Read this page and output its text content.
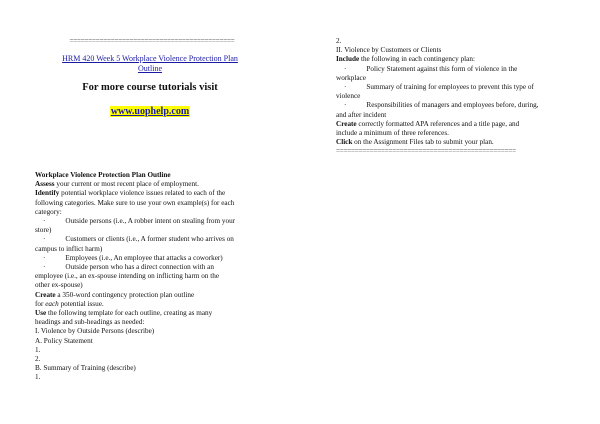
============================================
HRM 420 Week 5 Workplace Violence Protection Plan
Outline
For more course tutorials visit
www.uophelp.com
Workplace Violence Protection Plan Outline
Assess your current or most recent place of employment.
Identify potential workplace violence issues related to each of the
following categories. Make sure to use your own example(s) for each
category:
·	Outside persons (i.e., A robber intent on stealing from your
store)
·	Customers or clients (i.e., A former student who arrives on
campus to inflict harm)
·	Employees (i.e., An employee that attacks a coworker)
·	Outside person who has a direct connection with an
employee (i.e., an ex-spouse intending on inflicting harm on the
other ex-spouse)
Create a 350-word contingency protection plan outline
for each potential issue.
Use the following template for each outline, creating as many
headings and sub-headings as needed:
I. Violence by Outside Persons (describe)
A. Policy Statement
1.
2.
B. Summary of Training (describe)
1.
2.
II. Violence by Customers or Clients
Include the following in each contingency plan:
·	Policy Statement against this form of violence in the
workplace
·	Summary of training for employees to prevent this type of
violence
·	Responsibilities of managers and employees before, during,
and after incident
Create correctly formatted APA references and a title page, and
include a minimum of three references.
Click on the Assignment Files tab to submit your plan.
================================================
